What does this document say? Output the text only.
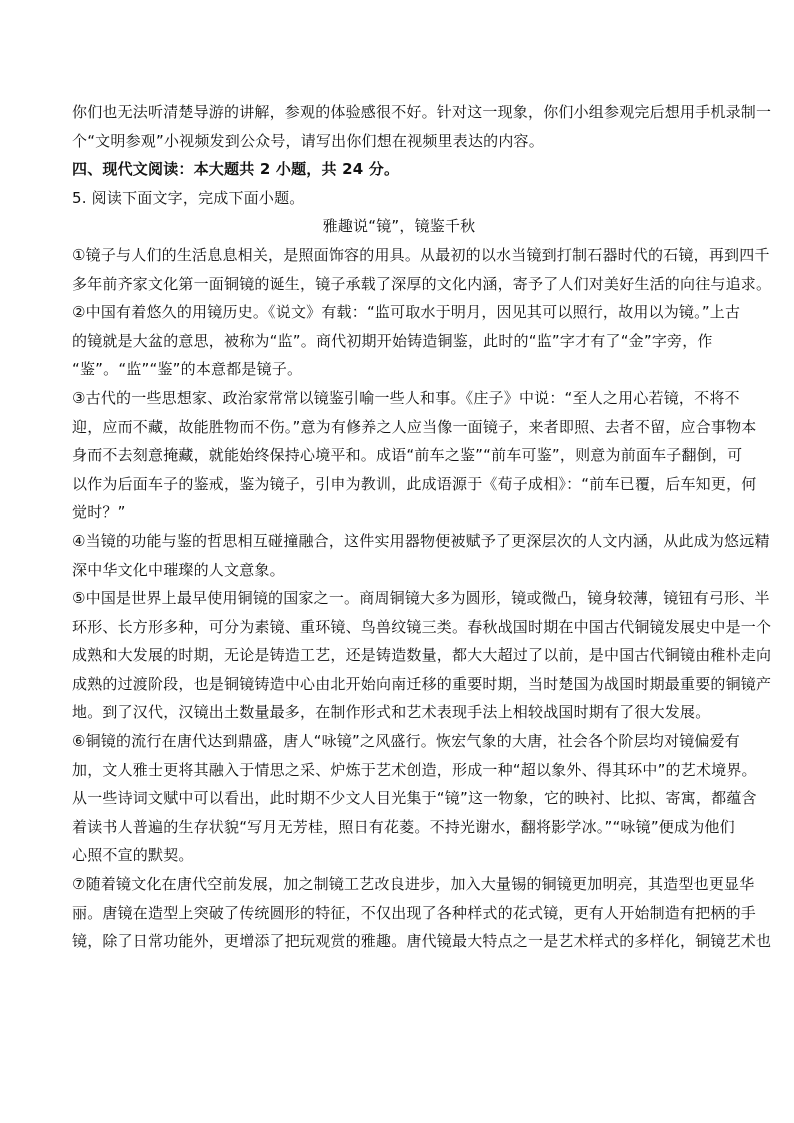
你们也无法听清楚导游的讲解，参观的体验感很不好。针对这一现象，你们小组参观完后想用手机录制一
个“文明参观”小视频发到公众号，请写出你们想在视频里表达的内容。
四、现代文阅读：本大题共 2 小题，共 24 分。
5. 阅读下面文字，完成下面小题。
雅趣说“镜”，镜鉴千秋
①镜子与人们的生活息息相关，是照面饰容的用具。从最初的以水当镜到打制石器时代的石镜，再到四千
多年前齐家文化第一面铜镜的诞生，镜子承载了深厚的文化内涵，寄予了人们对美好生活的向往与追求。
②中国有着悠久的用镜历史。《说文》有载：“监可取水于明月，因见其可以照行，故用以为镜。”上古
的镜就是大盆的意思，被称为“监”。商代初期开始铸造铜鉴，此时的“监”字才有了“金”字旁，作
“鉴”。“监”“鉴”的本意都是镜子。
③古代的一些思想家、政治家常常以镜鉴引喻一些人和事。《庄子》中说：“至人之用心若镜，不将不
迎，应而不藏，故能胜物而不伤。”意为有修养之人应当像一面镜子，来者即照、去者不留，应合事物本
身而不去刻意掩藏，就能始终保持心境平和。成语“前车之鉴”“前车可鉴”，则意为前面车子翻倒，可
以作为后面车子的鉴戒，鉴为镜子，引申为教训，此成语源于《荀子成相》：“前车已覆，后车知更，何
觉时？”
④当镜的功能与鉴的哲思相互碰撞融合，这件实用器物便被赋予了更深层次的人文内涵，从此成为悠远精
深中华文化中璀璨的人文意象。
⑤中国是世界上最早使用铜镜的国家之一。商周铜镜大多为圆形，镜或微凸，镜身较薄，镜钮有弓形、半
环形、长方形多种，可分为素镜、重环镜、鸟兽纹镜三类。春秋战国时期在中国古代铜镜发展史中是一个
成熟和大发展的时期，无论是铸造工艺，还是铸造数量，都大大超过了以前，是中国古代铜镜由稚朴走向
成熟的过渡阶段，也是铜镜铸造中心由北开始向南迁移的重要时期，当时楚国为战国时期最重要的铜镜产
地。到了汉代，汉镜出土数量最多，在制作形式和艺术表现手法上相较战国时期有了很大发展。
⑥铜镜的流行在唐代达到鼎盛，唐人“咏镜”之风盛行。恢宏气象的大唐，社会各个阶层均对镜偏爱有
加，文人雅士更将其融入于情思之采、炉炼于艺术创造，形成一种“超以象外、得其环中”的艺术境界。
从一些诗词文赋中可以看出，此时期不少文人目光集于“镜”这一物象，它的映衬、比拟、寄寓，都蕴含
着读书人普遍的生存状貌“写月无芳桂，照日有花菱。不持光谢水，翻将影学冰。”“咏镜”便成为他们
心照不宣的默契。
⑦随着镜文化在唐代空前发展，加之制镜工艺改良进步，加入大量锡的铜镜更加明亮，其造型也更显华
丽。唐镜在造型上突破了传统圆形的特征，不仅出现了各种样式的花式镜，更有人开始制造有把柄的手
镜，除了日常功能外，更增添了把玩观赏的雅趣。唐代镜最大特点之一是艺术样式的多样化，铜镜艺术也
